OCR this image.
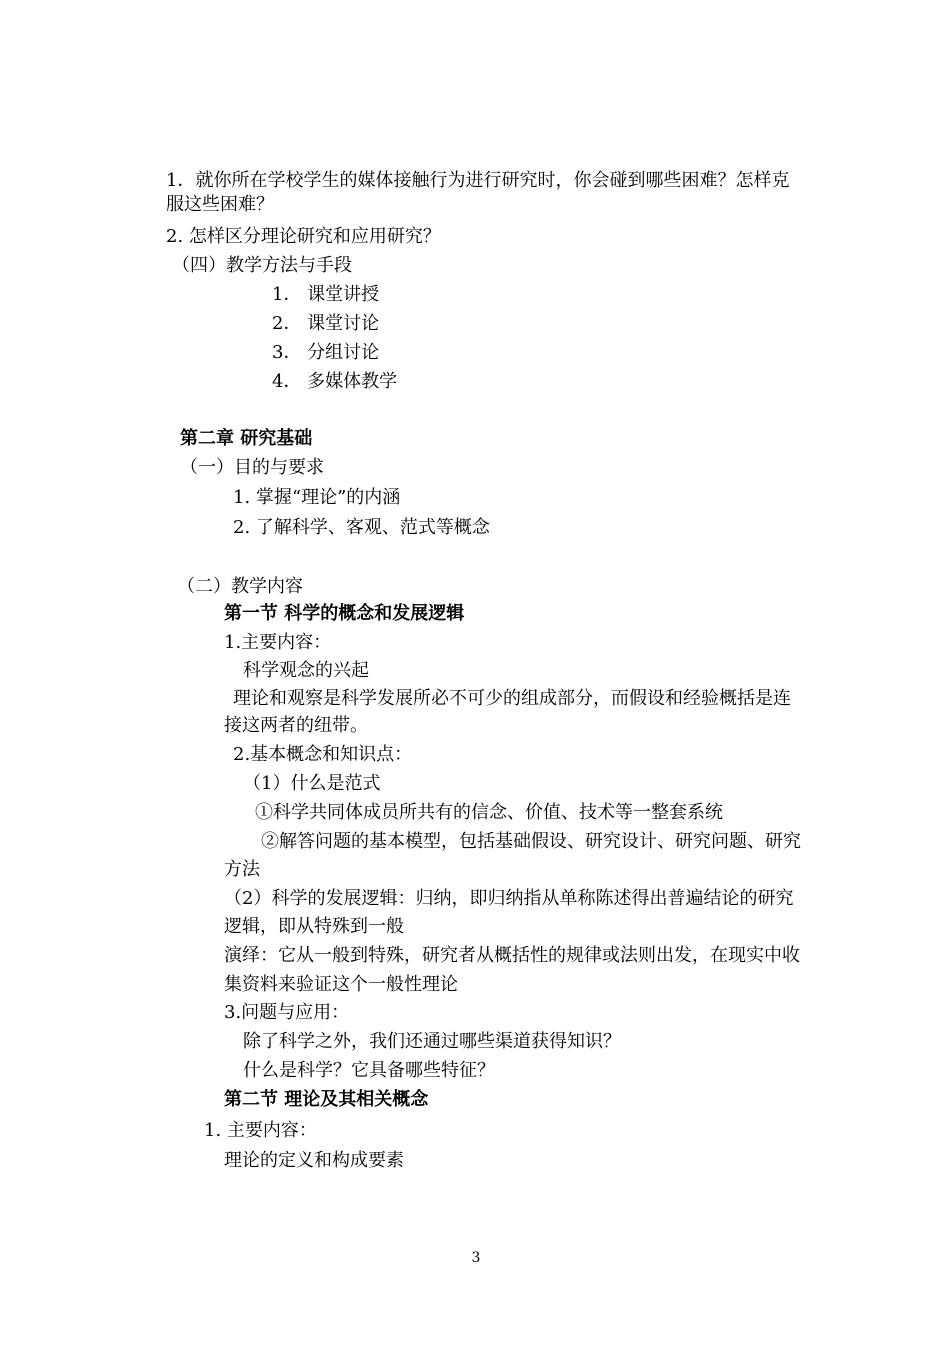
1．就你所在学校学生的媒体接触行为进行研究时，你会碰到哪些困难？怎样克
服这些困难？
2. 怎样区分理论研究和应用研究？
（四）教学方法与手段
1． 课堂讲授
2． 课堂讨论
3． 分组讨论
4． 多媒体教学
第二章 研究基础
（一）目的与要求
1. 掌握“理论”的内涵
2. 了解科学、客观、范式等概念
（二）教学内容
第一节 科学的概念和发展逻辑
1.主要内容：
科学观念的兴起
理论和观察是科学发展所必不可少的组成部分，而假设和经验概括是连
接这两者的纽带。
2.基本概念和知识点：
（1）什么是范式
①科学共同体成员所共有的信念、价值、技术等一整套系统
②解答问题的基本模型，包括基础假设、研究设计、研究问题、研究
方法
（2）科学的发展逻辑：归纳，即归纳指从单称陈述得出普遍结论的研究
逻辑，即从特殊到一般
演绎：它从一般到特殊，研究者从概括性的规律或法则出发，在现实中收
集资料来验证这个一般性理论
3.问题与应用：
除了科学之外，我们还通过哪些渠道获得知识？
什么是科学？它具备哪些特征？
第二节 理论及其相关概念
1. 主要内容：
理论的定义和构成要素
3
